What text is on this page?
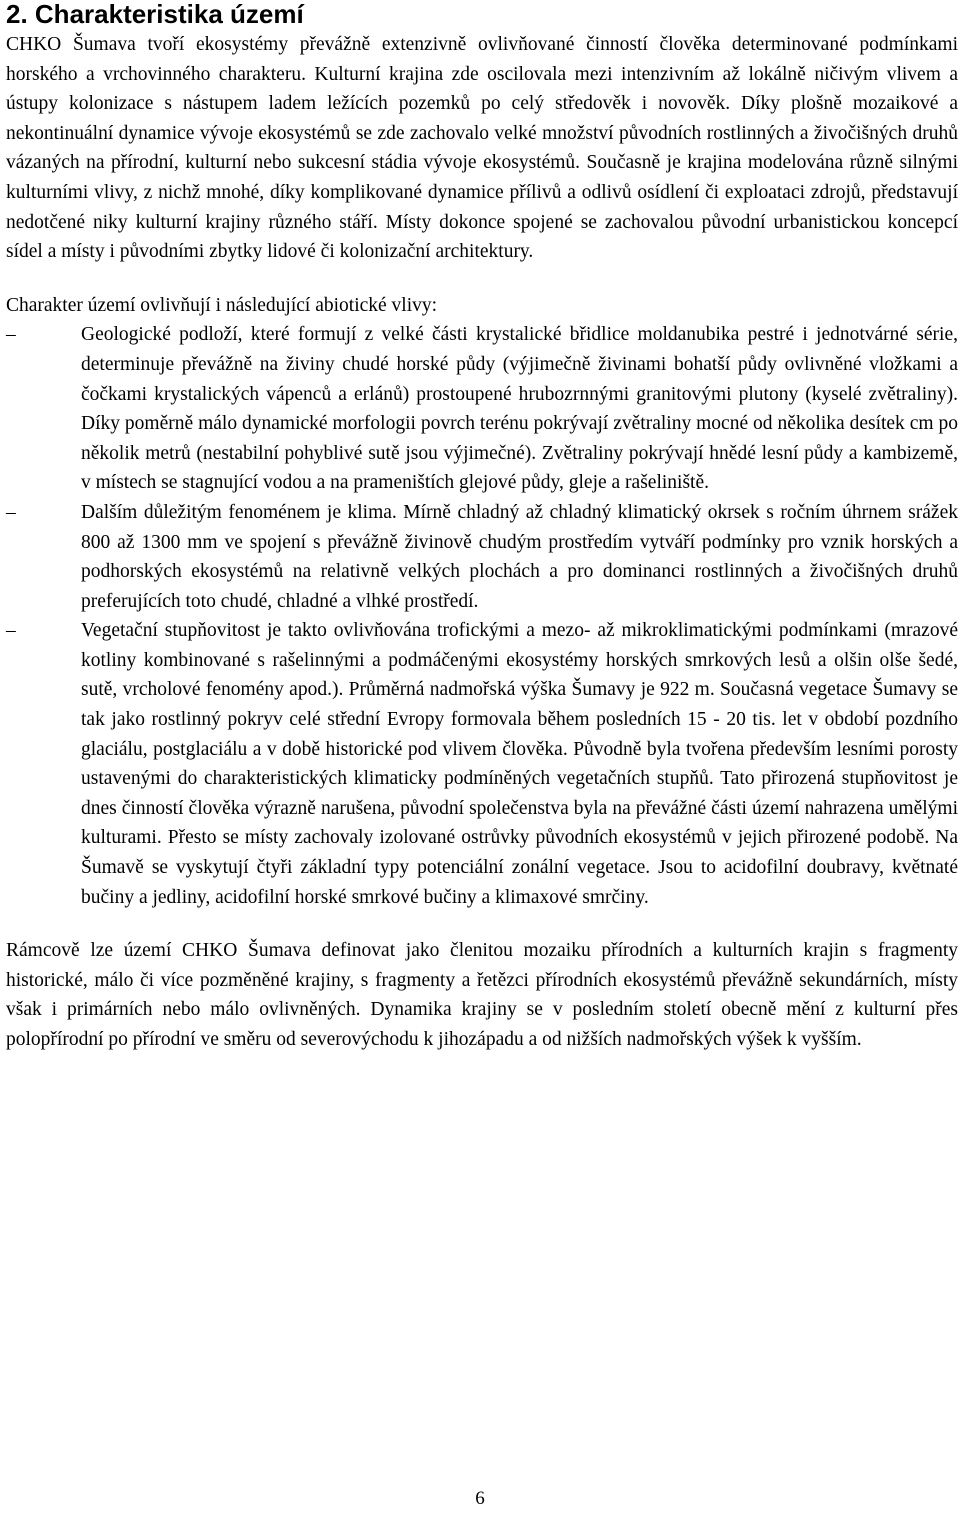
2. Charakteristika území

CHKO Šumava tvoří ekosystémy převážně extenzivně ovlivňované činností člověka determinované podmínkami horského a vrchovinného charakteru. Kulturní krajina zde oscilovala mezi intenzivním až lokálně ničivým vlivem a ústupy kolonizace s nástupem ladem ležících pozemků po celý středověk i novověk. Díky plošně mozaikové a nekontinuální dynamice vývoje ekosystémů se zde zachovalo velké množství původních rostlinných a živočišných druhů vázaných na přírodní, kulturní nebo sukcesní stádia vývoje ekosystémů. Současně je krajina modelována různě silnými kulturními vlivy, z nichž mnohé, díky komplikované dynamice přílivů a odlivů osídlení či exploataci zdrojů, představují nedotčené niky kulturní krajiny různého stáří. Místy dokonce spojené se zachovalou původní urbanistickou koncepcí sídel a místy i původními zbytky lidové či kolonizační architektury.

Charakter území ovlivňují i následující abiotické vlivy:

–	Geologické podloží, které formují z velké části krystalické břidlice moldanubika pestré i jednotvárné série, determinuje převážně na živiny chudé horské půdy (výjimečně živinami bohatší půdy ovlivněné vložkami a čočkami krystalických vápenců a erlánů) prostoupené hrubozrnnými granitovými plutony (kyselé zvětraliny). Díky poměrně málo dynamické morfologii povrch terénu pokrývají zvětraliny mocné od několika desítek cm po několik metrů (nestabilní pohyblivé sutě jsou výjimečné). Zvětraliny pokrývají hnědé lesní půdy a kambizemě, v místech se stagnující vodou a na prameništích glejové půdy, gleje a rašeliniště.
–	Dalším důležitým fenoménem je klima. Mírně chladný až chladný klimatický okrsek s ročním úhrnem srážek 800 až 1300 mm ve spojení s převážně živinově chudým prostředím vytváří podmínky pro vznik horských a podhorských ekosystémů na relativně velkých plochách a pro dominanci rostlinných a živočišných druhů preferujících toto chudé, chladné a vlhké prostředí.
–	Vegetační stupňovitost je takto ovlivňována trofickými a mezo- až mikroklimatickými podmínkami (mrazové kotliny kombinované s rašelinnými a podmáčenými ekosystémy horských smrkových lesů a olšin olše šedé, sutě, vrcholové fenomény apod.). Průměrná nadmořská výška Šumavy je 922 m. Současná vegetace Šumavy se tak jako rostlinný pokryv celé střední Evropy formovala během posledních 15 - 20 tis. let v období pozdního glaciálu, postglaciálu a v době historické pod vlivem člověka. Původně byla tvořena především lesními porosty ustavenými do charakteristických klimaticky podmíněných vegetačních stupňů. Tato přirozená stupňovitost je dnes činností člověka výrazně narušena, původní společenstva byla na převážné části území nahrazena umělými kulturami. Přesto se místy zachovaly izolované ostrůvky původních ekosystémů v jejich přirozené podobě. Na Šumavě se vyskytují čtyři základní typy potenciální zonální vegetace. Jsou to acidofilní doubravy, květnaté bučiny a jedliny, acidofilní horské smrkové bučiny a klimaxové smrčiny.

Rámcově lze území CHKO Šumava definovat jako členitou mozaiku přírodních a kulturních krajin s fragmenty historické, málo či více pozměněné krajiny, s fragmenty a řetězci přírodních ekosystémů převážně sekundárních, místy však i primárních nebo málo ovlivněných. Dynamika krajiny se v posledním století obecně mění z kulturní přes polopřírodní po přírodní ve směru od severovýchodu k jihozápadu a od nižších nadmořských výšek k vyšším.

6
